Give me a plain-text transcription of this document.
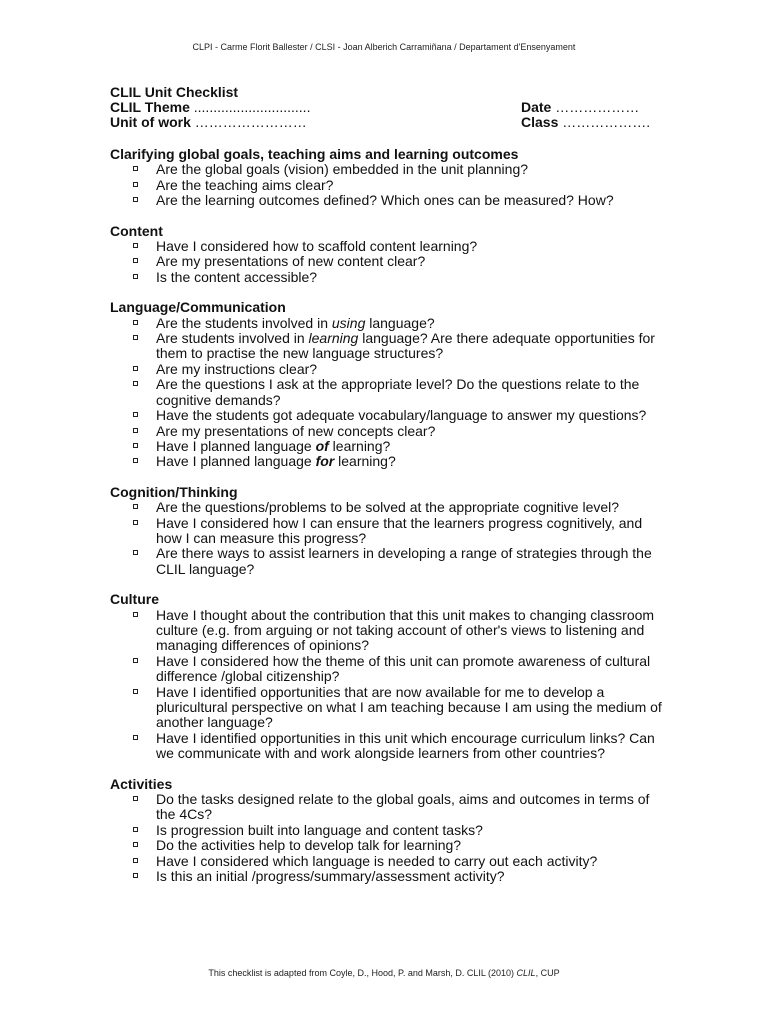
CLPI - Carme Florit Ballester / CLSI - Joan Alberich Carramiñana / Departament d'Ensenyament
CLIL Unit Checklist
CLIL Theme ..............................	Date ………………
Unit of work ……………………	Class ……………….
Clarifying global goals, teaching aims and learning outcomes
Are the global goals (vision) embedded in the unit planning?
Are the teaching aims clear?
Are the learning outcomes defined? Which ones can be measured? How?
Content
Have I considered how to scaffold content learning?
Are my presentations of new content clear?
Is the content accessible?
Language/Communication
Are the students involved in using language?
Are students involved in learning language? Are there adequate opportunities for them to practise the new language structures?
Are my instructions clear?
Are the questions I ask at the appropriate level? Do the questions relate to the cognitive demands?
Have the students got adequate vocabulary/language to answer my questions?
Are my presentations of new concepts clear?
Have I planned language of learning?
Have I planned language for learning?
Cognition/Thinking
Are the questions/problems to be solved at the appropriate cognitive level?
Have I considered how I can ensure that the learners progress cognitively, and how I can measure this progress?
Are there ways to assist learners in developing a range of strategies through the CLIL language?
Culture
Have I thought about the contribution that this unit makes to changing classroom culture (e.g. from arguing or not taking account of other's views to listening and managing differences of opinions?
Have I considered how the theme of this unit can promote awareness of cultural difference /global citizenship?
Have I identified opportunities that are now available for me to develop a pluricultural perspective on what I am teaching because I am using the medium of another language?
Have I identified opportunities in this unit which encourage curriculum links? Can we communicate with and work alongside learners from other countries?
Activities
Do the tasks designed relate to the global goals, aims and outcomes in terms of the 4Cs?
Is progression built into language and content tasks?
Do the activities help to develop talk for learning?
Have I considered which language is needed to carry out each activity?
Is this an initial /progress/summary/assessment activity?
This checklist is adapted from Coyle, D., Hood, P. and Marsh, D. CLIL (2010) CLIL, CUP
